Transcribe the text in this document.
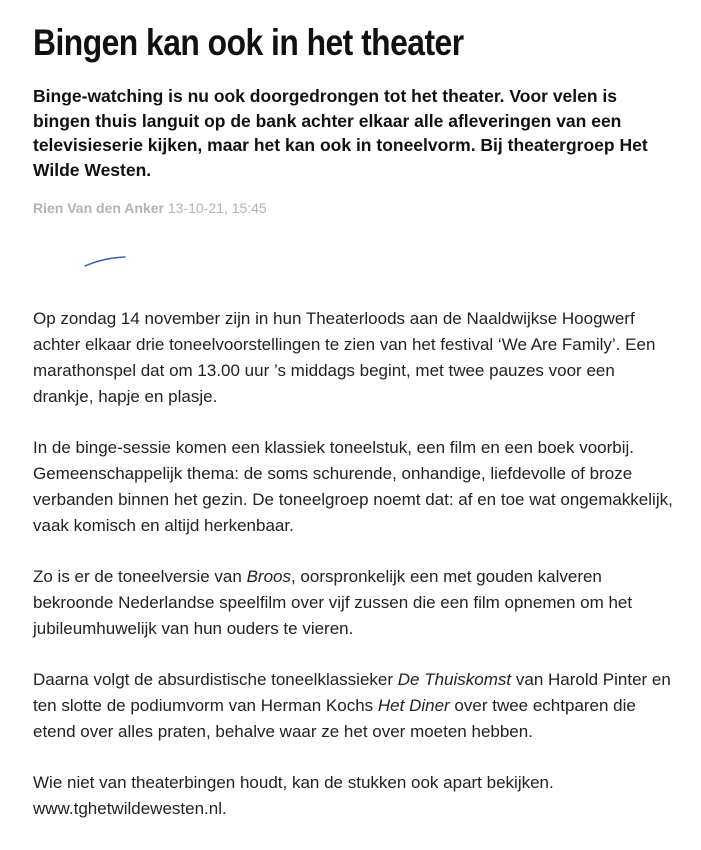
Bingen kan ook in het theater

Binge-watching is nu ook doorgedrongen tot het theater. Voor velen is bingen thuis languit op de bank achter elkaar alle afleveringen van een televisieserie kijken, maar het kan ook in toneelvorm. Bij theatergroep Het Wilde Westen.

Rien Van den Anker 13-10-21, 15:45

Op zondag 14 november zijn in hun Theaterloods aan de Naaldwijkse Hoogwerf achter elkaar drie toneelvoorstellingen te zien van het festival ‘We Are Family’. Een marathonspel dat om 13.00 uur ’s middags begint, met twee pauzes voor een drankje, hapje en plasje.

In de binge-sessie komen een klassiek toneelstuk, een film en een boek voorbij. Gemeenschappelijk thema: de soms schurende, onhandige, liefdevolle of broze verbanden binnen het gezin. De toneelgroep noemt dat: af en toe wat ongemakkelijk, vaak komisch en altijd herkenbaar.

Zo is er de toneelversie van Broos, oorspronkelijk een met gouden kalveren bekroonde Nederlandse speelfilm over vijf zussen die een film opnemen om het jubileumhuwelijk van hun ouders te vieren.

Daarna volgt de absurdistische toneelklassieker De Thuiskomst van Harold Pinter en ten slotte de podiumvorm van Herman Kochs Het Diner over twee echtparen die etend over alles praten, behalve waar ze het over moeten hebben.

Wie niet van theaterbingen houdt, kan de stukken ook apart bekijken.
www.tghetwildewesten.nl.
